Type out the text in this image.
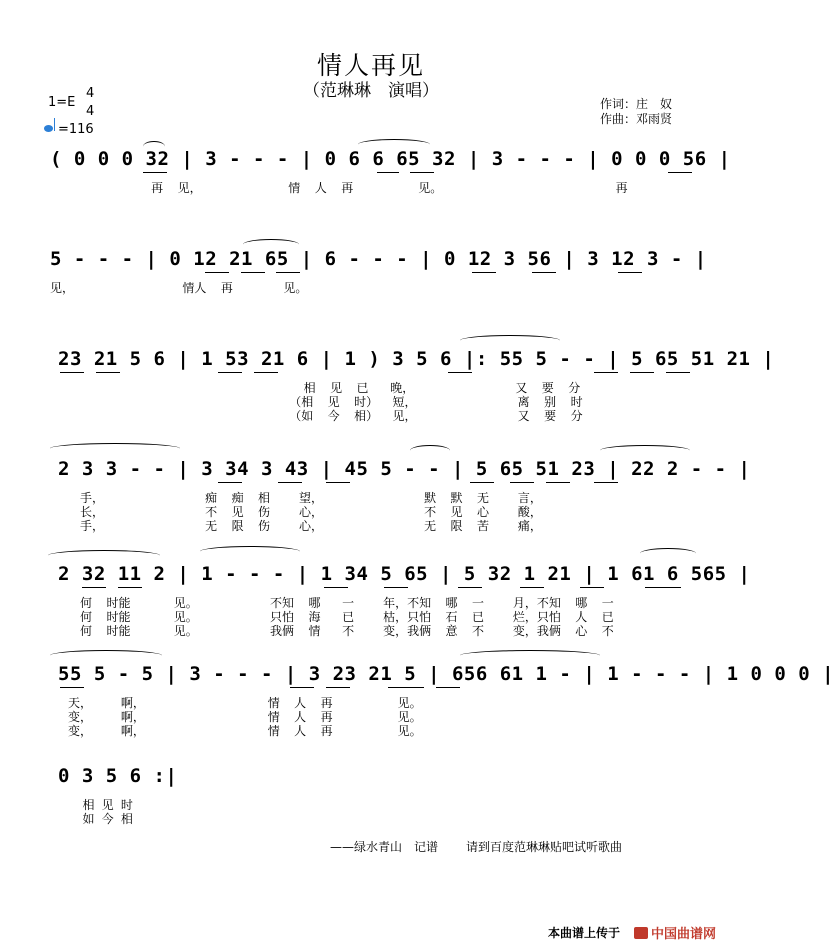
情人再见
（范琳琳　演唱）
1=E
4
4
=116
作词：庄　奴
作曲：邓雨贤
( 0 0 0 32 | 3 - - - | 0 6 6 65 32 | 3 - - - | 0 0 0 56 |
再  见，            情  人  再         见。                        再
5 - - - | 0 12 21 65 | 6 - - - | 0 12 3 56 | 3 12 3 - |
见，               情人  再       见。
23 21 5 6 | 1 53 21 6 | 1 ) 3 5 6 |: 55 5 - - | 5 65 51 21 |
相  见  已   晚，              又  要  分
（相  见  时）  短，              离  别  时
（如  今  相）  见，              又  要  分
2 3 3 - - | 3 34 3 43 | 45 5 - - | 5 65 51 23 | 22 2 - - |
手，              痴  痴  相    望，              默  默  无    言，
长，              不  见  伤    心，              不  见  心    酸，
手，              无  限  伤    心，              无  限  苦    痛，
2 32 11 2 | 1 - - - | 1 34 5 65 | 5 32 1 21 | 1 61 6 565 |
何  时能      见。          不知  哪   一    年，不知  哪  一    月，不知  哪  一
何  时能      见。          只怕  海   已    枯，只怕  石  已    烂，只怕  人  已
何  时能      见。          我俩  情   不    变，我俩  意  不    变，我俩  心  不
55 5 - 5 | 3 - - - | 3 23 21 5 | 656 61 1 - | 1 - - - | 1 0 0 0 |
天，    啊，                 情  人  再         见。
变，    啊，                 情  人  再         见。
变，    啊，                 情  人  再         见。
0 3 5 6 :|
相 见 时
如 今 相
——绿水青山　记谱 请到百度范琳琳贴吧试听歌曲
本曲谱上传于	中国曲谱网
